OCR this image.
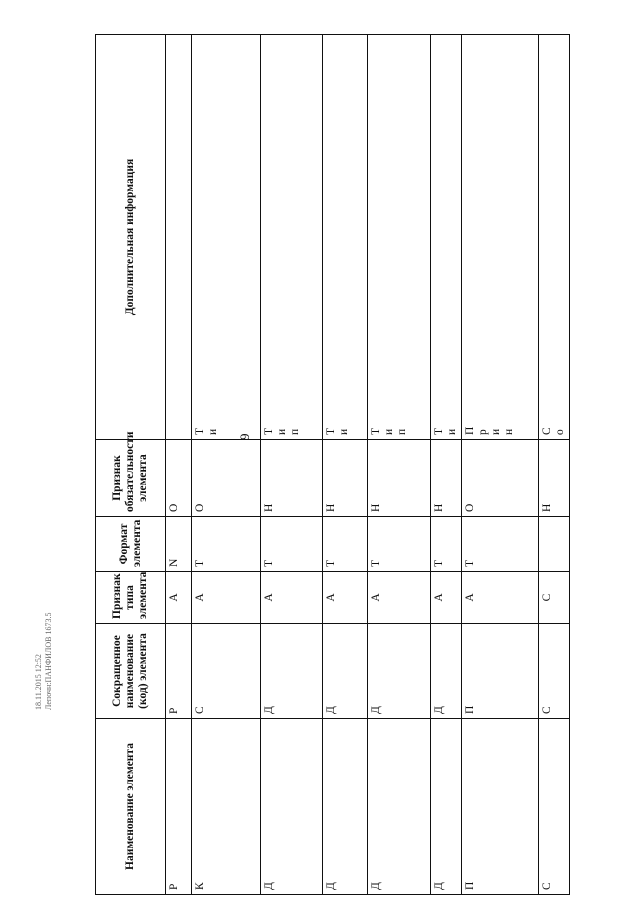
9
18.11.2015 12:52 Лепочн:ПАНФИЛОВ 1673.5
Наименование элемента	Сокращенное наименование (код) элемента	Признак типа элемента	Формат элемента	Признак обязательности элемента	Дополнительная информация

Р	Р	А	N	О	

К	С	А	Т	О	Т и

Д	Д	А	Т	Н	Т и п

Д	Д	А	Т	Н	Т и

Д	Д	А	Т	Н	Т и п

Д	Д	А	Т	Н	Т и

П	П	А	Т	О	П р и н

С	С	С		Н	С о
